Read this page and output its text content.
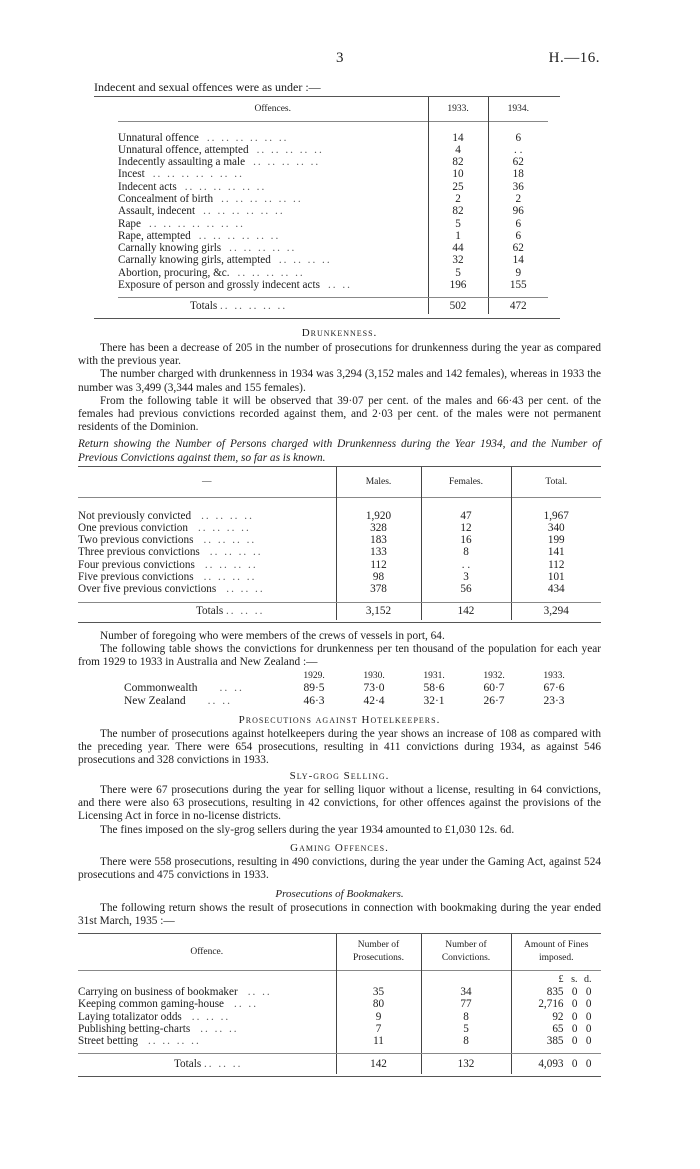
3	H.—16.
Indecent and sexual offences were as under :—
Offences.	1933.	1934.

Unnatural offence .. .. .. .. .. ..	14	6
Unnatural offence, attempted .. .. .. .. ..	4	. .
Indecently assaulting a male .. .. .. .. ..	82	62
Incest .. .. .. .. . .. ..	10	18
Indecent acts .. .. .. .. .. ..	25	36
Concealment of birth .. .. .. .. .. ..	2	2
Assault, indecent .. .. .. .. .. ..	82	96
Rape .. .. .. .. .. .. ..	5	6
Rape, attempted .. .. .. .. .. ..	1	6
Carnally knowing girls .. .. .. .. ..	44	62
Carnally knowing girls, attempted .. .. .. ..	32	14
Abortion, procuring, &c. .. .. .. .. ..	5	9
Exposure of person and grossly indecent acts .. ..	196	155

Totals .. .. .. .. ..	502	472
Drunkenness.

There has been a decrease of 205 in the number of prosecutions for drunkenness during the year as compared with the previous year.

The number charged with drunkenness in 1934 was 3,294 (3,152 males and 142 females), whereas in 1933 the number was 3,499 (3,344 males and 155 females).

From the following table it will be observed that 39·07 per cent. of the males and 66·43 per cent. of the females had previous convictions recorded against them, and 2·03 per cent. of the males were not permanent residents of the Dominion.

Return showing the Number of Persons charged with Drunkenness during the Year 1934, and the Number of Previous Convictions against them, so far as is known.

—	Males.	Females.	Total.

Not previously convicted .. .. .. ..	1,920	47	1,967
One previous conviction .. .. .. ..	328	12	340
Two previous convictions .. .. .. ..	183	16	199
Three previous convictions .. .. .. ..	133	8	141
Four previous convictions .. .. .. ..	112	. .	112
Five previous convictions .. .. .. ..	98	3	101
Over five previous convictions .. .. ..	378	56	434

Totals .. .. ..	3,152	142	3,294

Number of foregoing who were members of the crews of vessels in port, 64.

The following table shows the convictions for drunkenness per ten thousand of the population for each year from 1929 to 1933 in Australia and New Zealand :—

	1929.	1930.	1931.	1932.	1933.
Commonwealth .. ..	89·5	73·0	58·6	60·7	67·6
New Zealand .. ..	46·3	42·4	32·1	26·7	23·3
Prosecutions against Hotelkeepers.

The number of prosecutions against hotelkeepers during the year shows an increase of 108 as compared with the preceding year. There were 654 prosecutions, resulting in 411 convictions during 1934, as against 546 prosecutions and 328 convictions in 1933.

Sly-grog Selling.

There were 67 prosecutions during the year for selling liquor without a license, resulting in 64 convictions, and there were also 63 prosecutions, resulting in 42 convictions, for other offences against the provisions of the Licensing Act in force in no-license districts.

The fines imposed on the sly-grog sellers during the year 1934 amounted to £1,030 12s. 6d.

Gaming Offences.

There were 558 prosecutions, resulting in 490 convictions, during the year under the Gaming Act, against 524 prosecutions and 475 convictions in 1933.

Prosecutions of Bookmakers.

The following return shows the result of prosecutions in connection with bookmaking during the year ended 31st March, 1935 :—

Offence.	Number of Prosecutions.	Number of Convictions.	Amount of Fines imposed.
			£ s. d.
Carrying on business of bookmaker .. ..	35	34	835 0 0
Keeping common gaming-house .. ..	80	77	2,716 0 0
Laying totalizator odds .. .. ..	9	8	92 0 0
Publishing betting-charts .. .. ..	7	5	65 0 0
Street betting .. .. .. ..	11	8	385 0 0

Totals .. .. ..	142	132	4,093 0 0
